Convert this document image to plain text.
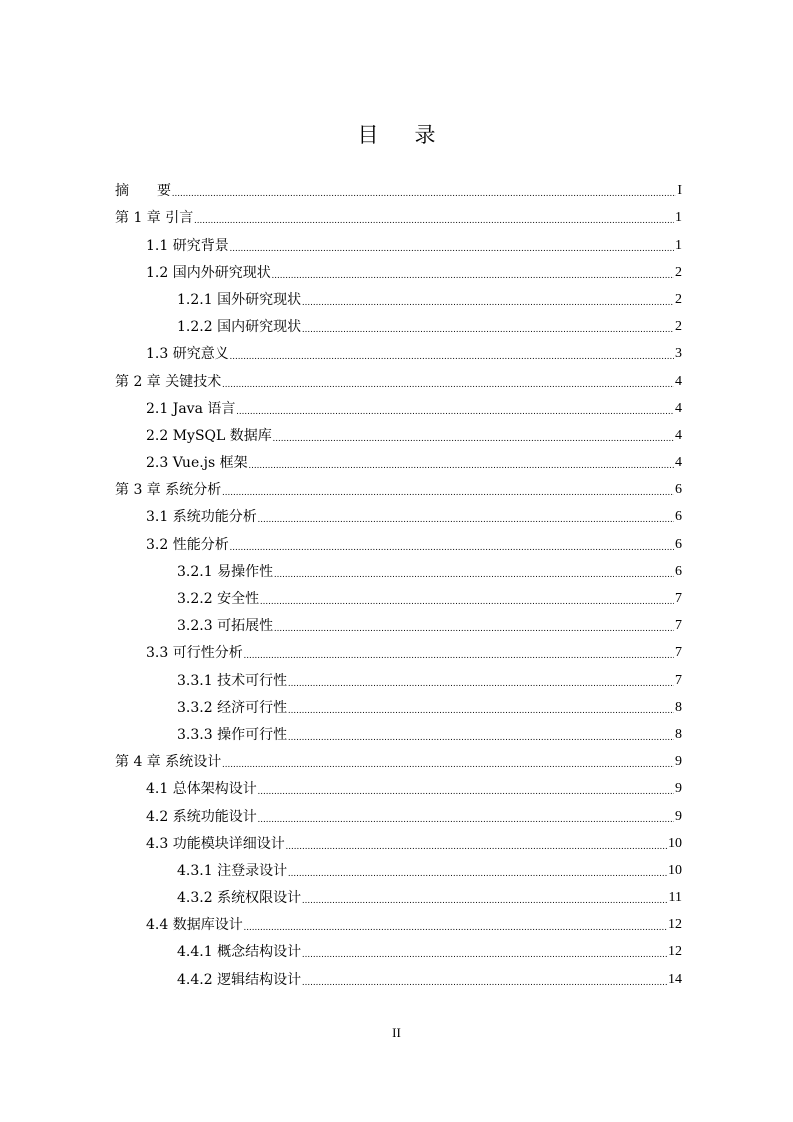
目录
摘　　要 .....	I
第 1 章 引言 .....	1
1.1 研究背景 .....	1
1.2 国内外研究现状 .....	2
1.2.1 国外研究现状 .....	2
1.2.2 国内研究现状 .....	2
1.3 研究意义 .....	3
第 2 章 关键技术 .....	4
2.1 Java 语言 .....	4
2.2 MySQL 数据库 .....	4
2.3 Vue.js 框架 .....	4
第 3 章 系统分析 .....	6
3.1 系统功能分析 .....	6
3.2 性能分析 .....	6
3.2.1 易操作性 .....	6
3.2.2 安全性 .....	7
3.2.3 可拓展性 .....	7
3.3 可行性分析 .....	7
3.3.1 技术可行性 .....	7
3.3.2 经济可行性 .....	8
3.3.3 操作可行性 .....	8
第 4 章 系统设计 .....	9
4.1 总体架构设计 .....	9
4.2 系统功能设计 .....	9
4.3 功能模块详细设计 .....	10
4.3.1 注登录设计 .....	10
4.3.2 系统权限设计 .....	11
4.4 数据库设计 .....	12
4.4.1 概念结构设计 .....	12
4.4.2 逻辑结构设计 .....	14
II
